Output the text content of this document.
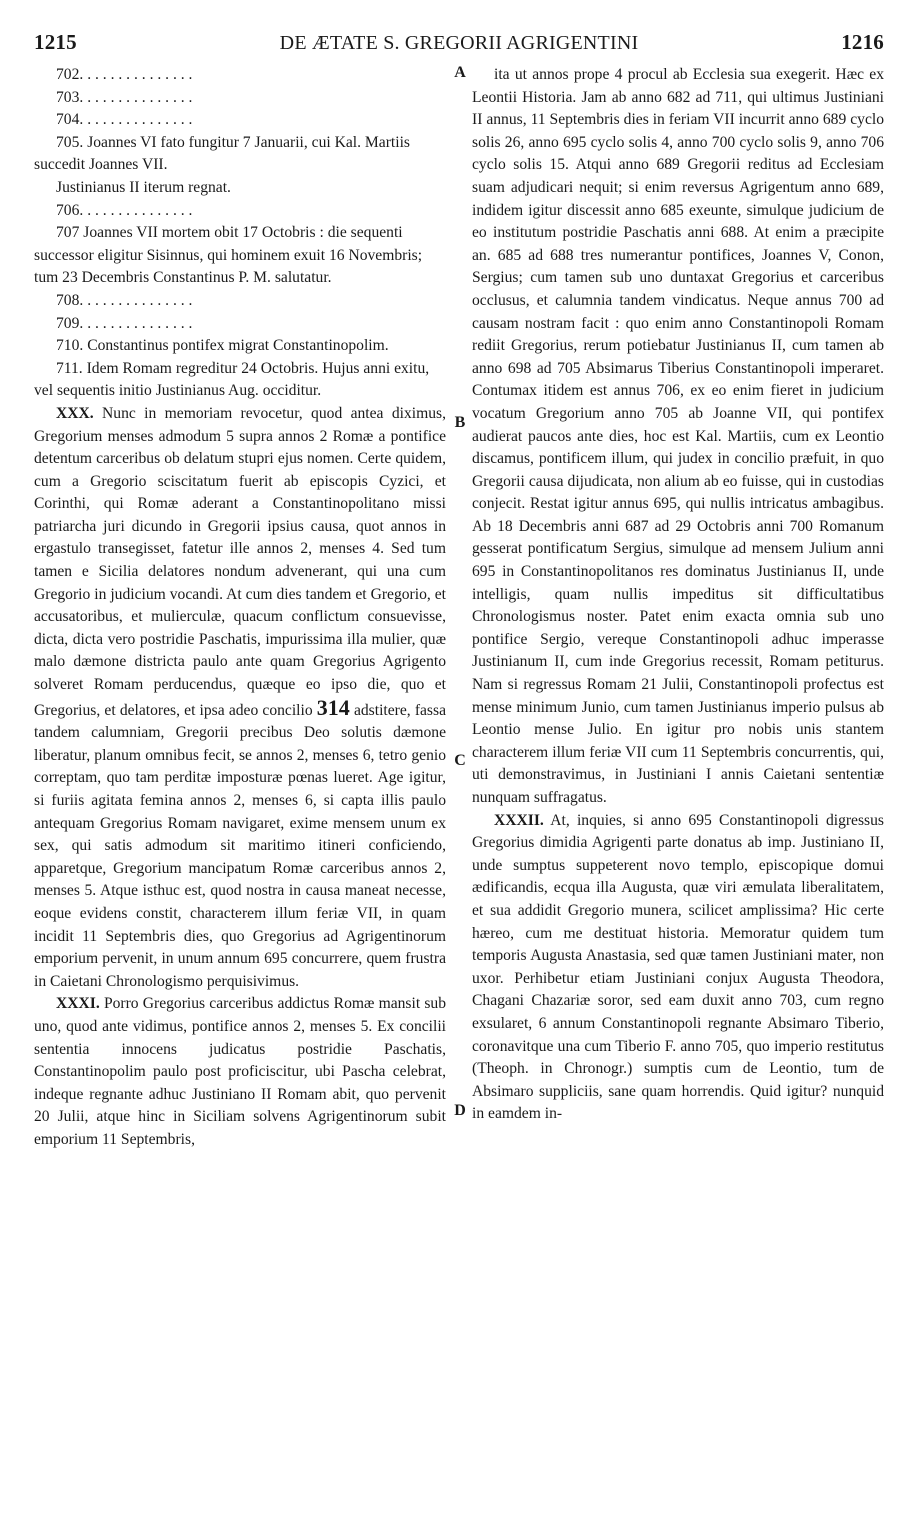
1215	DE ÆTATE S. GREGORII AGRIGENTINI	1216

702. . . . . . . . . . . . . . .

703. . . . . . . . . . . . . . .

704. . . . . . . . . . . . . . .

705. Joannes VI fato fungitur 7 Januarii, cui Kal. Martiis succedit Joannes VII.

Justinianus II iterum regnat.

706. . . . . . . . . . . . . . .

707 Joannes VII mortem obit 17 Octobris : die sequenti successor eligitur Sisinnus, qui hominem exuit 16 Novembris; tum 23 Decembris Constantinus P. M. salutatur.

708. . . . . . . . . . . . . . .

709. . . . . . . . . . . . . . .

710. Constantinus pontifex migrat Constantinopolim.

711. Idem Romam regreditur 24 Octobris. Hujus anni exitu, vel sequentis initio Justinianus Aug. occiditur.

XXX. Nunc in memoriam revocetur, quod antea diximus, Gregorium menses admodum 5 supra annos 2 Romæ a pontifice detentum carceribus ob delatum stupri ejus nomen. Certe quidem, cum a Gregorio sciscitatum fuerit ab episcopis Cyzici, et Corinthi, qui Romæ aderant a Constantinopolitano missi patriarcha juri dicundo in Gregorii ipsius causa, quot annos in ergastulo transegisset, fatetur ille annos 2, menses 4. Sed tum tamen e Sicilia delatores nondum advenerant, qui una cum Gregorio in judicium vocandi. At cum dies tandem et Gregorio, et accusatoribus, et mulierculæ, quacum conflictum consuevisse, dicta, dicta vero postridie Paschatis, impurissima illa mulier, quæ malo dæmone districta paulo ante quam Gregorius Agrigento solveret Romam perducendus, quæque eo ipso die, quo et Gregorius, et delatores, et ipsa adeo concilio 314 adstitere, fassa tandem calumniam, Gregorii precibus Deo solutis dæmone liberatur, planum omnibus fecit, se annos 2, menses 6, tetro genio correptam, quo tam perditæ imposturæ pœnas lueret. Age igitur, si furiis agitata femina annos 2, menses 6, si capta illis paulo antequam Gregorius Romam navigaret, exime mensem unum ex sex, qui satis admodum sit maritimo itineri conficiendo, apparetque, Gregorium mancipatum Romæ carceribus annos 2, menses 5. Atque isthuc est, quod nostra in causa maneat necesse, eoque evidens constit, characterem illum feriæ VII, in quam incidit 11 Septembris dies, quo Gregorius ad Agrigentinorum emporium pervenit, in unum annum 695 concurrere, quem frustra in Caietani Chronologismo perquisivimus.

XXXI. Porro Gregorius carceribus addictus Romæ mansit sub uno, quod ante vidimus, pontifice annos 2, menses 5. Ex concilii sententia innocens judicatus postridie Paschatis, Constantinopolim paulo post proficiscitur, ubi Pascha celebrat, indeque regnante adhuc Justiniano II Romam abit, quo pervenit 20 Julii, atque hinc in Siciliam solvens Agrigentinorum subit emporium 11 Septembris,

ita ut annos prope 4 procul ab Ecclesia sua exegerit. Hæc ex Leontii Historia. Jam ab anno 682 ad 711, qui ultimus Justiniani II annus, 11 Septembris dies in feriam VII incurrit anno 689 cyclo solis 26, anno 695 cyclo solis 4, anno 700 cyclo solis 9, anno 706 cyclo solis 15. Atqui anno 689 Gregorii reditus ad Ecclesiam suam adjudicari nequit; si enim reversus Agrigentum anno 689, indidem igitur discessit anno 685 exeunte, simulque judicium de eo institutum postridie Paschatis anni 688. At enim a præcipite an. 685 ad 688 tres numerantur pontifices, Joannes V, Conon, Sergius; cum tamen sub uno duntaxat Gregorius et carceribus occlusus, et calumnia tandem vindicatus. Neque annus 700 ad causam nostram facit : quo enim anno Constantinopoli Romam rediit Gregorius, rerum potiebatur Justinianus II, cum tamen ab anno 698 ad 705 Absimarus Tiberius Constantinopoli imperaret. Contumax itidem est annus 706, ex eo enim fieret in judicium vocatum Gregorium anno 705 ab Joanne VII, qui pontifex audierat paucos ante dies, hoc est Kal. Martiis, cum ex Leontio discamus, pontificem illum, qui judex in concilio præfuit, in quo Gregorii causa dijudicata, non alium ab eo fuisse, qui in custodias conjecit. Restat igitur annus 695, qui nullis intricatus ambagibus. Ab 18 Decembris anni 687 ad 29 Octobris anni 700 Romanum gesserat pontificatum Sergius, simulque ad mensem Julium anni 695 in Constantinopolitanos res dominatus Justinianus II, unde intelligis, quam nullis impeditus sit difficultatibus Chronologismus noster. Patet enim exacta omnia sub uno pontifice Sergio, vereque Constantinopoli adhuc imperasse Justinianum II, cum inde Gregorius recessit, Romam petiturus. Nam si regressus Romam 21 Julii, Constantinopoli profectus est mense minimum Junio, cum tamen Justinianus imperio pulsus ab Leontio mense Julio. En igitur pro nobis unis stantem characterem illum feriæ VII cum 11 Septembris concurrentis, qui, uti demonstravimus, in Justiniani I annis Caietani sententiæ nunquam suffragatus.

XXXII. At, inquies, si anno 695 Constantinopoli digressus Gregorius dimidia Agrigenti parte donatus ab imp. Justiniano II, unde sumptus suppeterent novo templo, episcopique domui ædificandis, ecqua illa Augusta, quæ viri æmulata liberalitatem, et sua addidit Gregorio munera, scilicet amplissima? Hic certe hæreo, cum me destituat historia. Memoratur quidem tum temporis Augusta Anastasia, sed quæ tamen Justiniani mater, non uxor. Perhibetur etiam Justiniani conjux Augusta Theodora, Chagani Chazariæ soror, sed eam duxit anno 703, cum regno exsularet, 6 annum Constantinopoli regnante Absimaro Tiberio, coronavitque una cum Tiberio F. anno 705, quo imperio restitutus (Theoph. in Chronogr.) sumptis cum de Leontio, tum de Absimaro suppliciis, sane quam horrendis. Quid igitur? nunquid in eamdem in-

A
B
C
D
